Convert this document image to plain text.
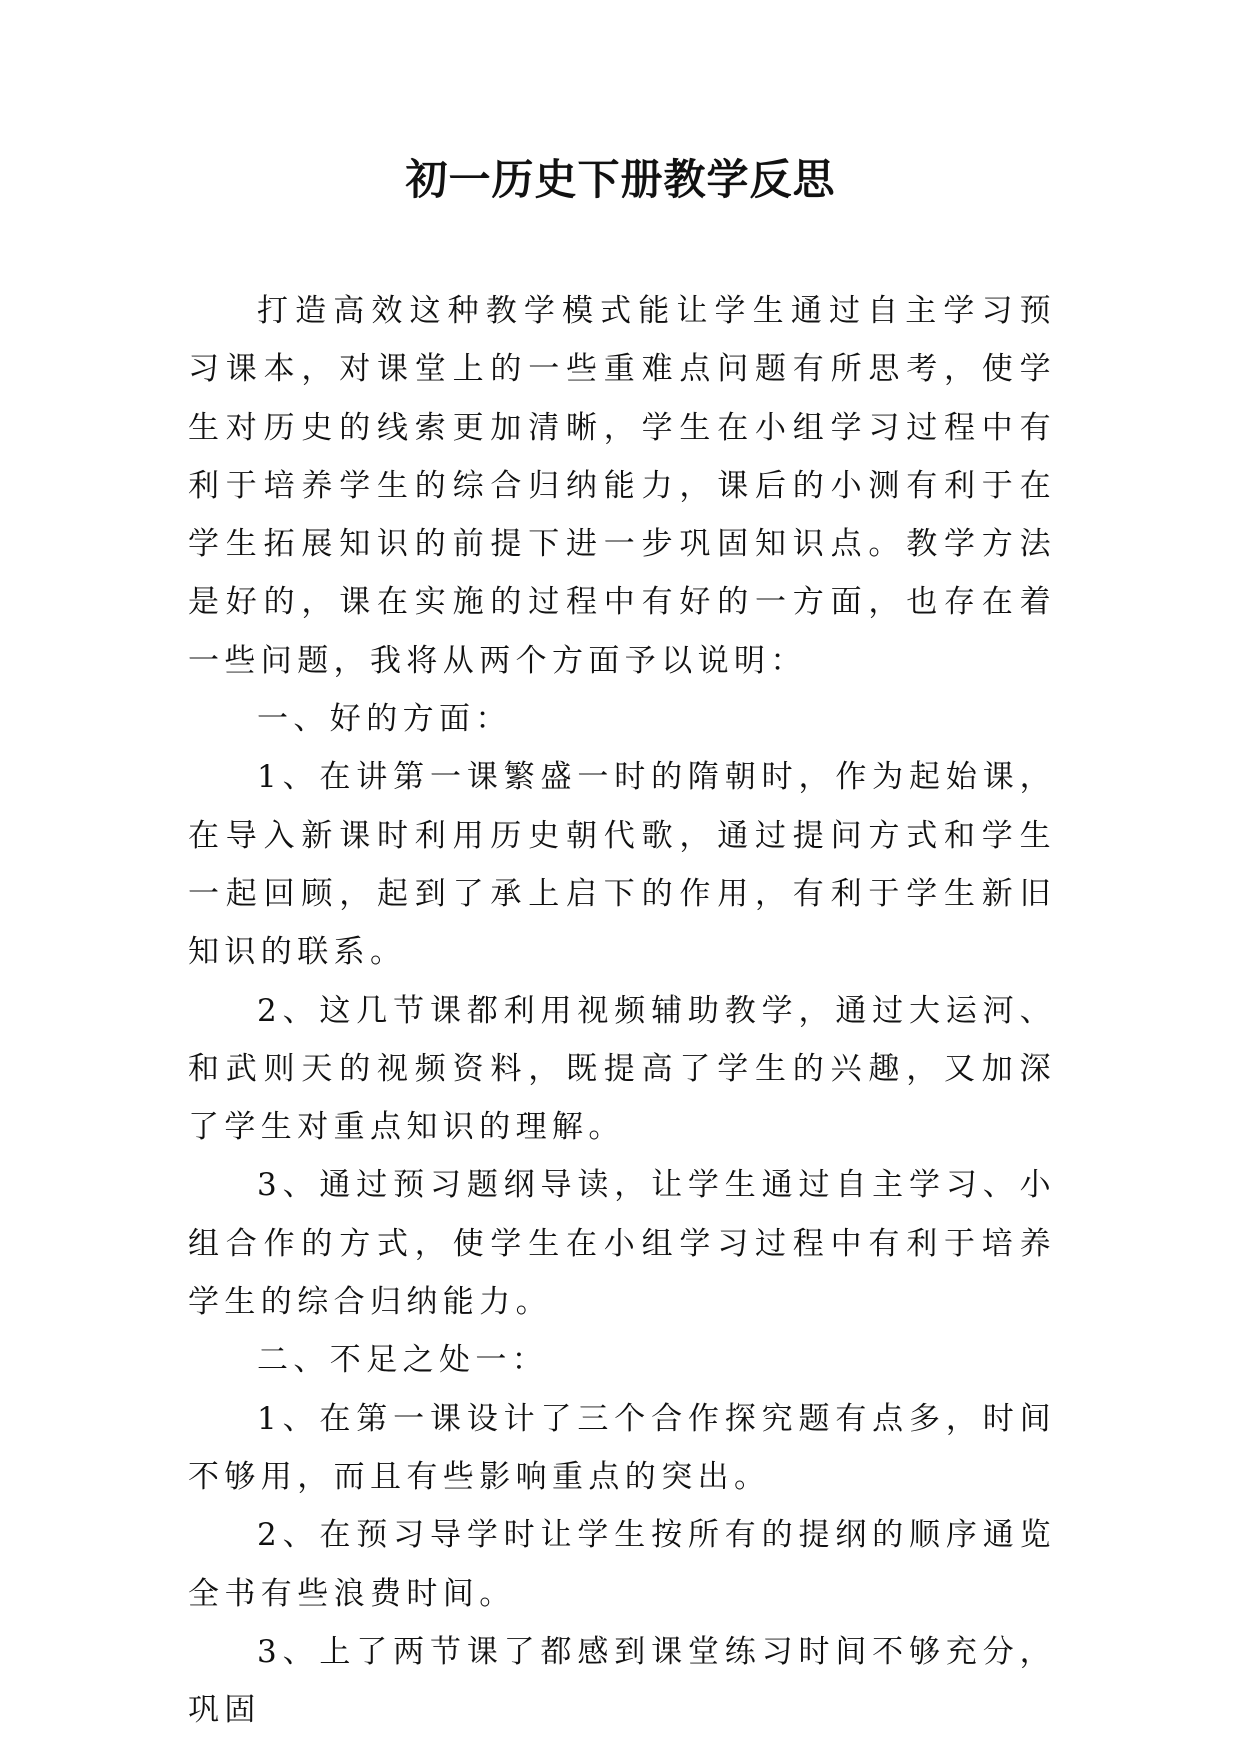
初一历史下册教学反思

打造高效这种教学模式能让学生通过自主学习预习课本，对课堂上的一些重难点问题有所思考，使学生对历史的线索更加清晰，学生在小组学习过程中有利于培养学生的综合归纳能力，课后的小测有利于在学生拓展知识的前提下进一步巩固知识点。教学方法是好的，课在实施的过程中有好的一方面，也存在着一些问题，我将从两个方面予以说明：

一、好的方面：

1、在讲第一课繁盛一时的隋朝时，作为起始课，在导入新课时利用历史朝代歌，通过提问方式和学生一起回顾，起到了承上启下的作用，有利于学生新旧知识的联系。

2、这几节课都利用视频辅助教学，通过大运河、和武则天的视频资料，既提高了学生的兴趣，又加深了学生对重点知识的理解。

3、通过预习题纲导读，让学生通过自主学习、小组合作的方式，使学生在小组学习过程中有利于培养学生的综合归纳能力。

二、不足之处一：

1、在第一课设计了三个合作探究题有点多，时间不够用，而且有些影响重点的突出。

2、在预习导学时让学生按所有的提纲的顺序通览全书有些浪费时间。

3、上了两节课了都感到课堂练习时间不够充分，巩固
